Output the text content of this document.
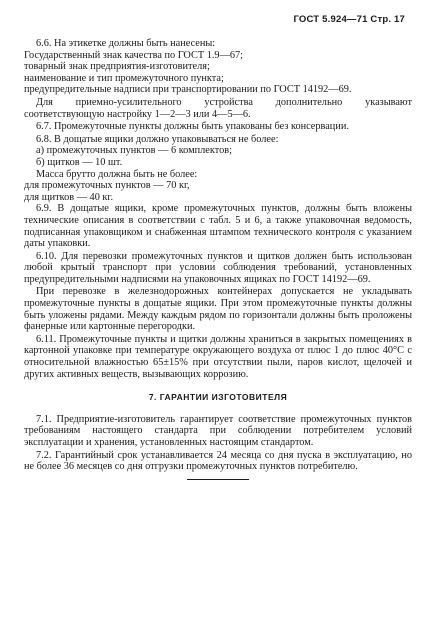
ГОСТ 5.924—71 Стр. 17
6.6. На этикетке должны быть нанесены:
Государственный знак качества по ГОСТ 1.9—67;
товарный знак предприятия-изготовителя;
наименование и тип промежуточного пункта;

предупредительные надписи при транспортировании по ГОСТ 14192—69.

Для приемно-усилительного устройства дополнительно указывают соответствующую настройку 1—2—3 или 4—5—6.

6.7. Промежуточные пункты должны быть упакованы без консервации.

6.8. В дощатые ящики должно упаковываться не более:
а) промежуточных пунктов — 6 комплектов;
б) щитков — 10 шт.
Масса брутто должна быть не более:
для промежуточных пунктов — 70 кг,
для щитков — 40 кг.

6.9. В дощатые ящики, кроме промежуточных пунктов, должны быть вложены технические описания в соответствии с табл. 5 и 6, а также упаковочная ведомость, подписанная упаковщиком и снабженная штампом технического контроля с указанием даты упаковки.

6.10. Для перевозки промежуточных пунктов и щитков должен быть использован любой крытый транспорт при условии соблюдения требований, установленных предупредительными надписями на упаковочных ящиках по ГОСТ 14192—69.

При перевозке в железнодорожных контейнерах допускается не укладывать промежуточные пункты в дощатые ящики. При этом промежуточные пункты должны быть уложены рядами. Между каждым рядом по горизонтали должны быть проложены фанерные или картонные перегородки.

6.11. Промежуточные пункты и щитки должны храниться в закрытых помещениях в картонной упаковке при температуре окружающего воздуха от плюс 1 до плюс 40°С с относительной влажностью 65±15% при отсутствии пыли, паров кислот, щелочей и других активных веществ, вызывающих коррозию.

7. ГАРАНТИИ ИЗГОТОВИТЕЛЯ

7.1. Предприятие-изготовитель гарантирует соответствие промежуточных пунктов требованиям настоящего стандарта при соблюдении потребителем условий эксплуатации и хранения, установленных настоящим стандартом.

7.2. Гарантийный срок устанавливается 24 месяца со дня пуска в эксплуатацию, но не более 36 месяцев со дня отгрузки промежуточных пунктов потребителю.
